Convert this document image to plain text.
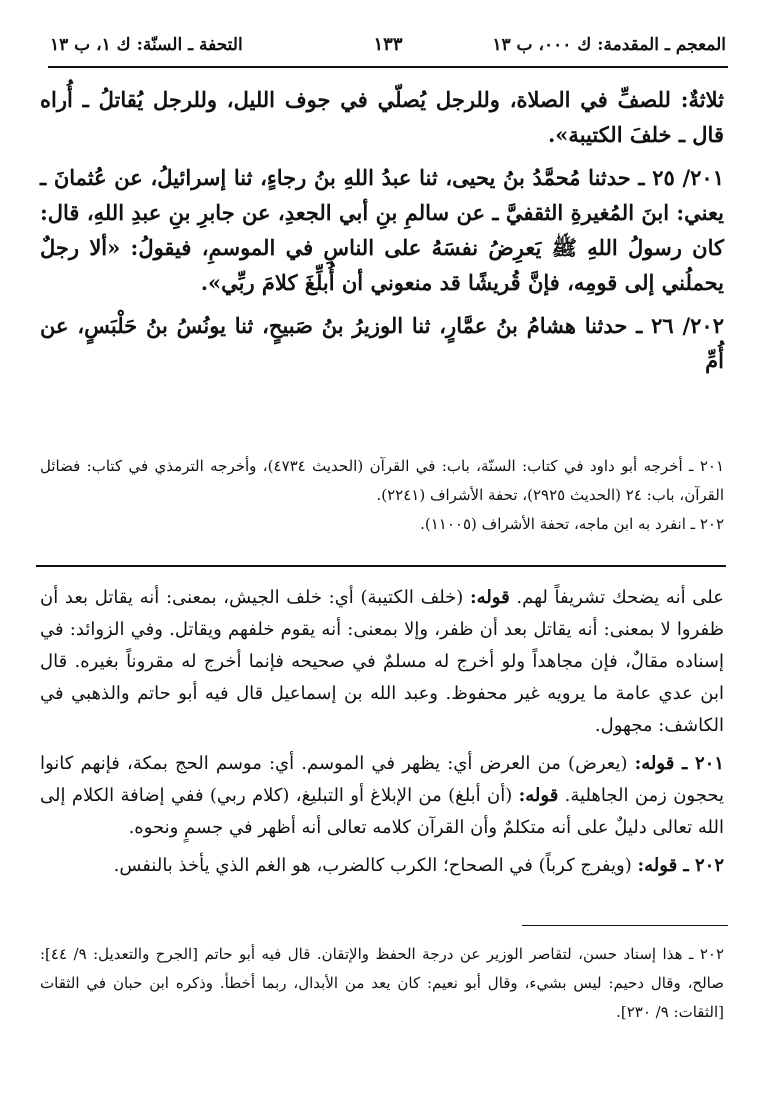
المعجم ـ المقدمة: ك ٠٠٠، ب ١٣
١٣٣
التحفة ـ السنّة: ك ١، ب ١٣

ثلاثةٌ: للصفِّ في الصلاة، وللرجل يُصلّي في جوف الليل، وللرجل يُقاتلُ ـ أُراه قال ـ خلفَ الكتيبة».

٢٠١/ ٢٥ ـ حدثنا مُحمَّدُ بنُ يحيى، ثنا عبدُ اللهِ بنُ رجاءٍ، ثنا إسرائيلُ، عن عُثمانَ ـ يعني: ابنَ المُغيرةِ الثقفيَّ ـ عن سالمِ بنِ أبي الجعدِ، عن جابرِ بنِ عبدِ اللهِ، قال: كان رسولُ اللهِ ﷺ يَعرِضُ نفسَهُ على الناسِ في الموسمِ، فيقولُ: «ألا رجلٌ يحملُني إلى قومِه، فإنَّ قُريشًا قد منعوني أن أُبلِّغَ كلامَ ربِّي».

٢٠٢/ ٢٦ ـ حدثنا هشامُ بنُ عمَّارٍ، ثنا الوزيرُ بنُ صَبيحٍ، ثنا يونُسُ بنُ حَلْبَسٍ، عن أُمِّ

٢٠١ ـ أخرجه أبو داود في كتاب: السنّة، باب: في القرآن (الحديث ٤٧٣٤)، وأخرجه الترمذي في كتاب: فضائل القرآن، باب: ٢٤ (الحديث ٢٩٢٥)، تحفة الأشراف (٢٢٤١).

٢٠٢ ـ انفرد به ابن ماجه، تحفة الأشراف (١١٠٠٥).

على أنه يضحك تشريفاً لهم. قوله: (خلف الكتيبة) أي: خلف الجيش، بمعنى: أنه يقاتل بعد أن ظفروا لا بمعنى: أنه يقاتل بعد أن ظفر، وإلا بمعنى: أنه يقوم خلفهم ويقاتل. وفي الزوائد: في إسناده مقالٌ، فإن مجاهداً ولو أخرج له مسلمٌ في صحيحه فإنما أخرج له مقروناً بغيره. قال ابن عدي عامة ما يرويه غير محفوظ. وعبد الله بن إسماعيل قال فيه أبو حاتم والذهبي في الكاشف: مجهول.

٢٠١ ـ قوله: (يعرض) من العرض أي: يظهر في الموسم. أي: موسم الحج بمكة، فإنهم كانوا يحجون زمن الجاهلية. قوله: (أن أبلغ) من الإبلاغ أو التبليغ، (كلام ربي) ففي إضافة الكلام إلى الله تعالى دليلٌ على أنه متكلمٌ وأن القرآن كلامه تعالى أنه أظهر في جسمٍ ونحوه.

٢٠٢ ـ قوله: (ويفرج كرباً) في الصحاح؛ الكرب كالضرب، هو الغم الذي يأخذ بالنفس.

٢٠٢ ـ هذا إسناد حسن، لتقاصر الوزير عن درجة الحفظ والإتقان. قال فيه أبو حاتم [الجرح والتعديل: ٩/ ٤٤]: صالح، وقال دحيم: ليس بشيء، وقال أبو نعيم: كان يعد من الأبدال، ربما أخطأ. وذكره ابن حبان في الثقات [الثقات: ٩/ ٢٣٠].
